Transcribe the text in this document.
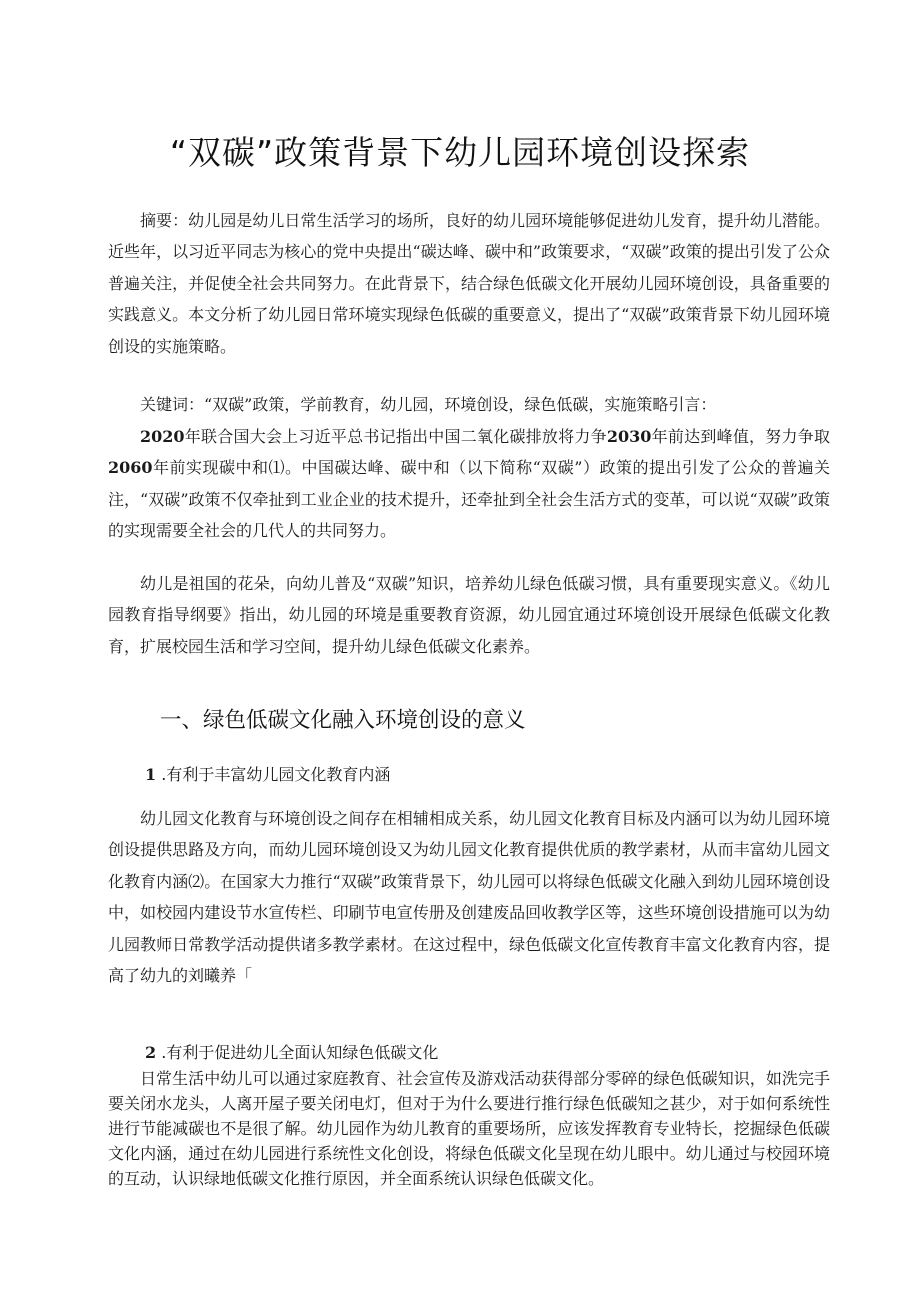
“双碳”政策背景下幼儿园环境创设探索

摘要：幼儿园是幼儿日常生活学习的场所，良好的幼儿园环境能够促进幼儿发育，提升幼儿潜能。近些年，以习近平同志为核心的党中央提出“碳达峰、碳中和”政策要求，“双碳”政策的提出引发了公众普遍关注，并促使全社会共同努力。在此背景下，结合绿色低碳文化开展幼儿园环境创设，具备重要的实践意义。本文分析了幼儿园日常环境实现绿色低碳的重要意义，提出了“双碳”政策背景下幼儿园环境创设的实施策略。

关键词：“双碳”政策，学前教育，幼儿园，环境创设，绿色低碳，实施策略引言：

2020年联合国大会上习近平总书记指出中国二氧化碳排放将力争2030年前达到峰值，努力争取2060年前实现碳中和⑴。中国碳达峰、碳中和（以下简称“双碳”）政策的提出引发了公众的普遍关注，“双碳”政策不仅牵扯到工业企业的技术提升，还牵扯到全社会生活方式的变革，可以说“双碳”政策的实现需要全社会的几代人的共同努力。

幼儿是祖国的花朵，向幼儿普及“双碳”知识，培养幼儿绿色低碳习惯，具有重要现实意义。《幼儿园教育指导纲要》指出，幼儿园的环境是重要教育资源，幼儿园宜通过环境创设开展绿色低碳文化教育，扩展校园生活和学习空间，提升幼儿绿色低碳文化素养。

一、绿色低碳文化融入环境创设的意义

1 .有利于丰富幼儿园文化教育内涵

幼儿园文化教育与环境创设之间存在相辅相成关系，幼儿园文化教育目标及内涵可以为幼儿园环境创设提供思路及方向，而幼儿园环境创设又为幼儿园文化教育提供优质的教学素材，从而丰富幼儿园文化教育内涵⑵。在国家大力推行“双碳”政策背景下，幼儿园可以将绿色低碳文化融入到幼儿园环境创设中，如校园内建设节水宣传栏、印刷节电宣传册及创建废品回收教学区等，这些环境创设措施可以为幼儿园教师日常教学活动提供诸多教学素材。在这过程中，绿色低碳文化宣传教育丰富文化教育内容，提高了幼九的刘曦养「

2 .有利于促进幼儿全面认知绿色低碳文化

日常生活中幼儿可以通过家庭教育、社会宣传及游戏活动获得部分零碎的绿色低碳知识，如洗完手要关闭水龙头，人离开屋子要关闭电灯，但对于为什么要进行推行绿色低碳知之甚少，对于如何系统性进行节能减碳也不是很了解。幼儿园作为幼儿教育的重要场所，应该发挥教育专业特长，挖掘绿色低碳文化内涵，通过在幼儿园进行系统性文化创设，将绿色低碳文化呈现在幼儿眼中。幼儿通过与校园环境的互动，认识绿地低碳文化推行原因，并全面系统认识绿色低碳文化。
